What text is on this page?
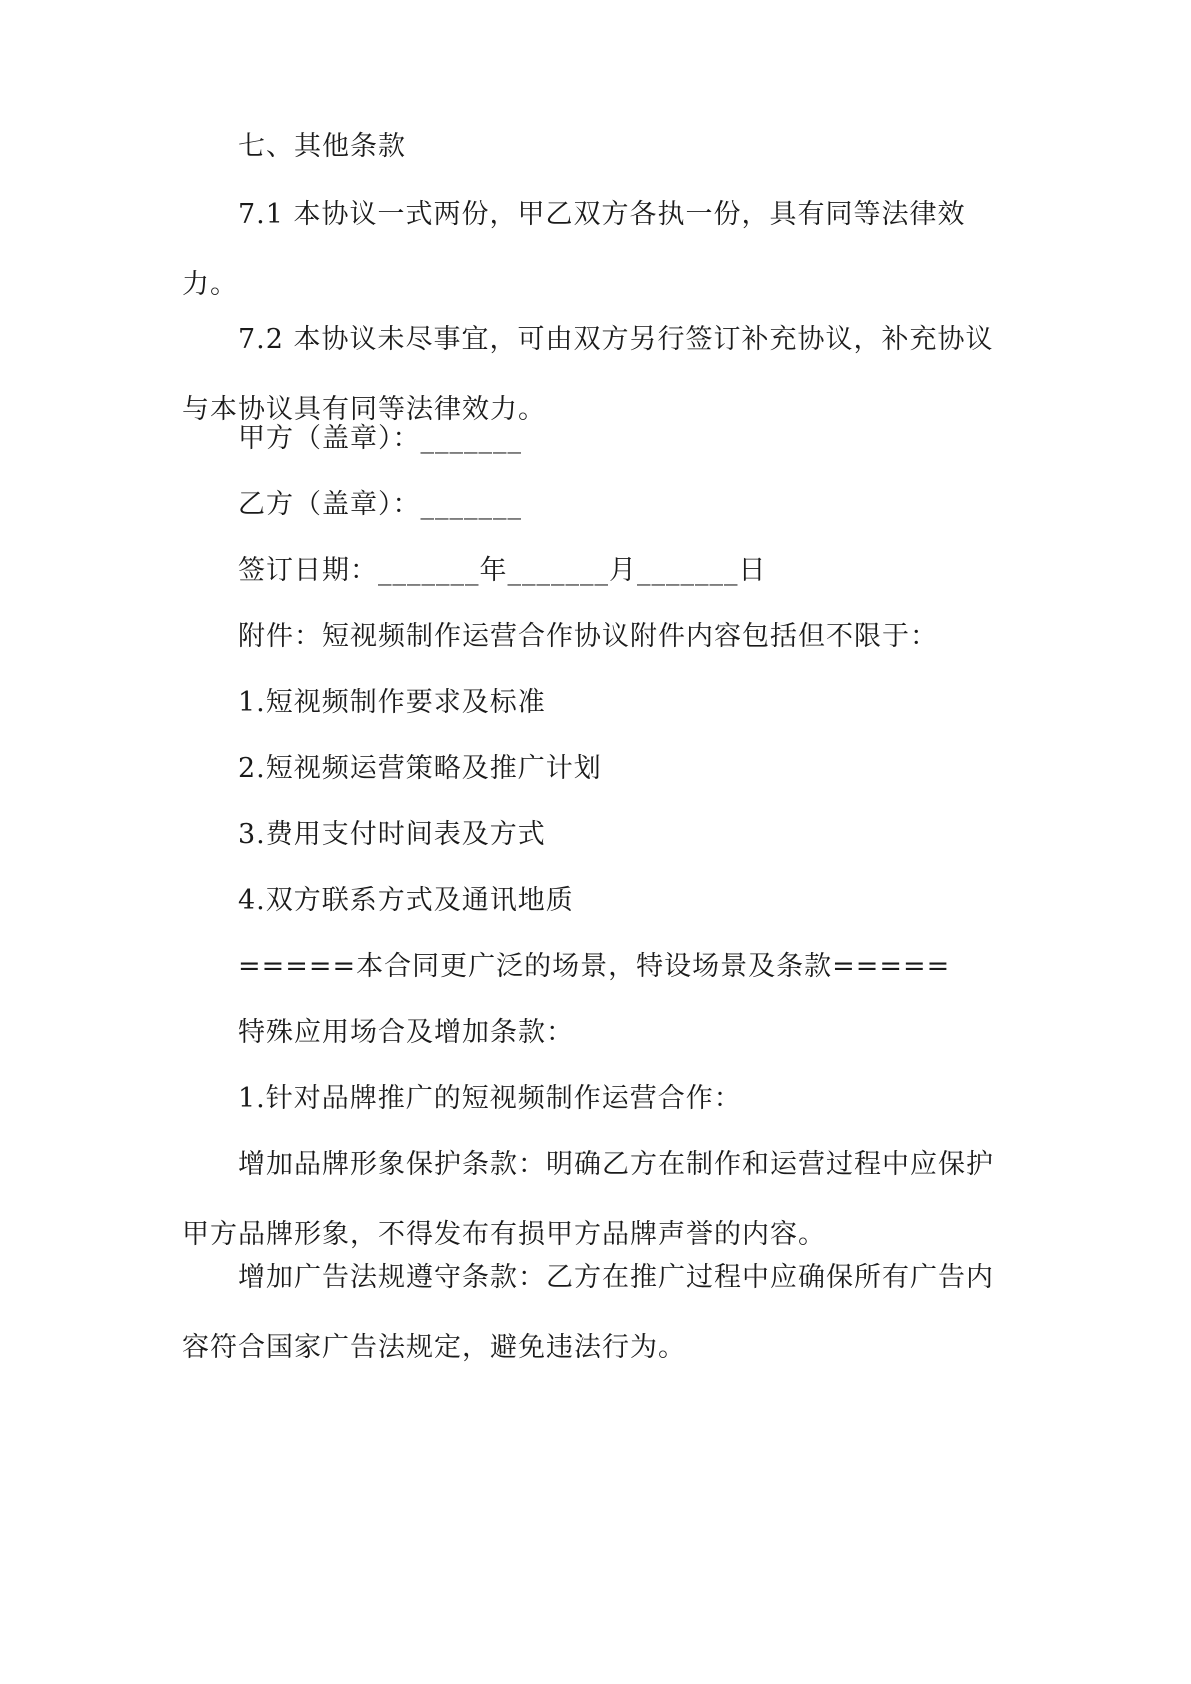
七、其他条款

7.1 本协议一式两份，甲乙双方各执一份，具有同等法律效力。

7.2 本协议未尽事宜，可由双方另行签订补充协议，补充协议与本协议具有同等法律效力。

甲方（盖章）：_______

乙方（盖章）：_______

签订日期：_______年_______月_______日

附件：短视频制作运营合作协议附件内容包括但不限于：

1.短视频制作要求及标准

2.短视频运营策略及推广计划

3.费用支付时间表及方式

4.双方联系方式及通讯地质

=====本合同更广泛的场景，特设场景及条款=====

特殊应用场合及增加条款：

1.针对品牌推广的短视频制作运营合作：

增加品牌形象保护条款：明确乙方在制作和运营过程中应保护甲方品牌形象，不得发布有损甲方品牌声誉的内容。

增加广告法规遵守条款：乙方在推广过程中应确保所有广告内容符合国家广告法规定，避免违法行为。
